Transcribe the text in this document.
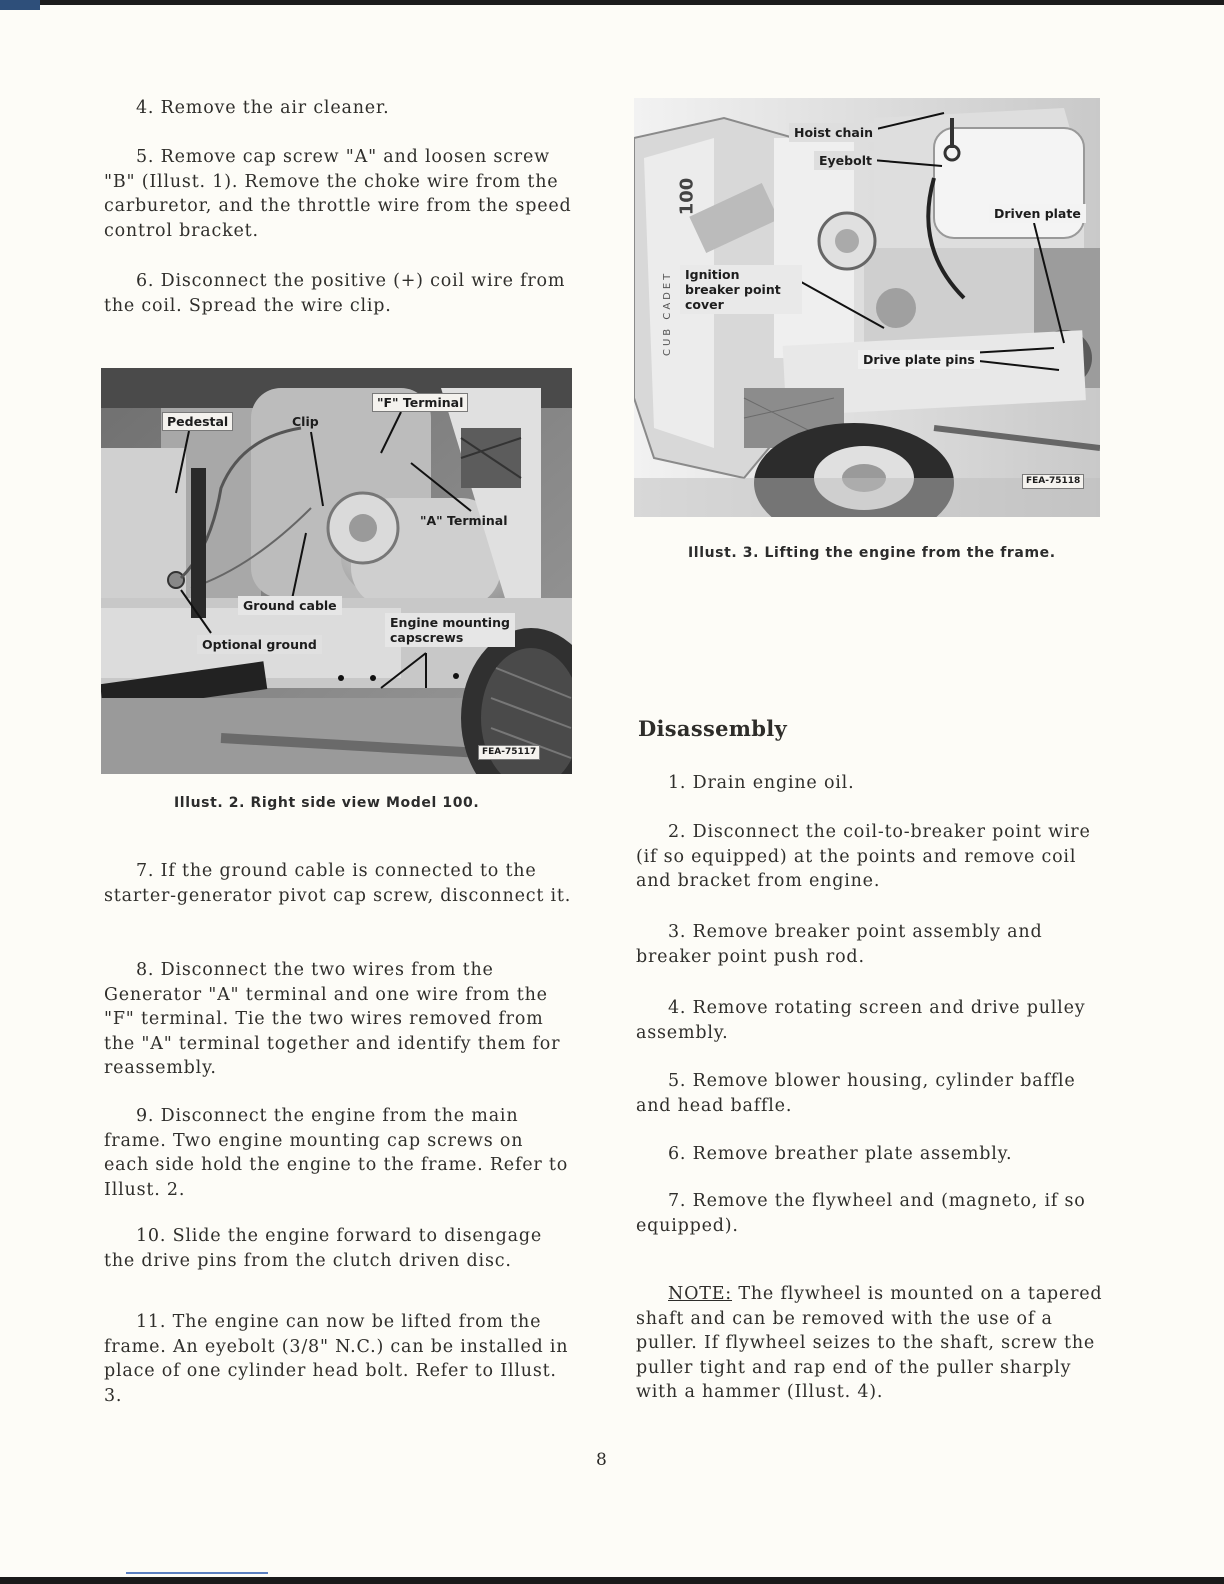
4. Remove the air cleaner.

5. Remove cap screw "A" and loosen screw "B" (Illust. 1). Remove the choke wire from the carburetor, and the throttle wire from the speed control bracket.

6. Disconnect the positive (+) coil wire from the coil. Spread the wire clip.

Pedestal	Clip
"F" Terminal
"A" Terminal
Ground cable
Optional ground
Engine mounting capscrews
FEA-75117

Illust. 2. Right side view Model 100.

7. If the ground cable is connected to the starter-generator pivot cap screw, disconnect it.

8. Disconnect the two wires from the Generator "A" terminal and one wire from the "F" terminal. Tie the two wires removed from the "A" terminal together and identify them for reassembly.

9. Disconnect the engine from the main frame. Two engine mounting cap screws on each side hold the engine to the frame. Refer to Illust. 2.

10. Slide the engine forward to disengage the drive pins from the clutch driven disc.

11. The engine can now be lifted from the frame. An eyebolt (3/8" N.C.) can be installed in place of one cylinder head bolt. Refer to Illust. 3.

100
CUB CADET
Hoist chain
Eyebolt
Driven plate
Ignition breaker point cover
Drive plate pins
FEA-75118

Illust. 3. Lifting the engine from the frame.

Disassembly

1. Drain engine oil.

2. Disconnect the coil-to-breaker point wire (if so equipped) at the points and remove coil and bracket from engine.

3. Remove breaker point assembly and breaker point push rod.

4. Remove rotating screen and drive pulley assembly.

5. Remove blower housing, cylinder baffle and head baffle.

6. Remove breather plate assembly.

7. Remove the flywheel and (magneto, if so equipped).

NOTE: The flywheel is mounted on a tapered shaft and can be removed with the use of a puller. If flywheel seizes to the shaft, screw the puller tight and rap end of the puller sharply with a hammer (Illust. 4).

8
